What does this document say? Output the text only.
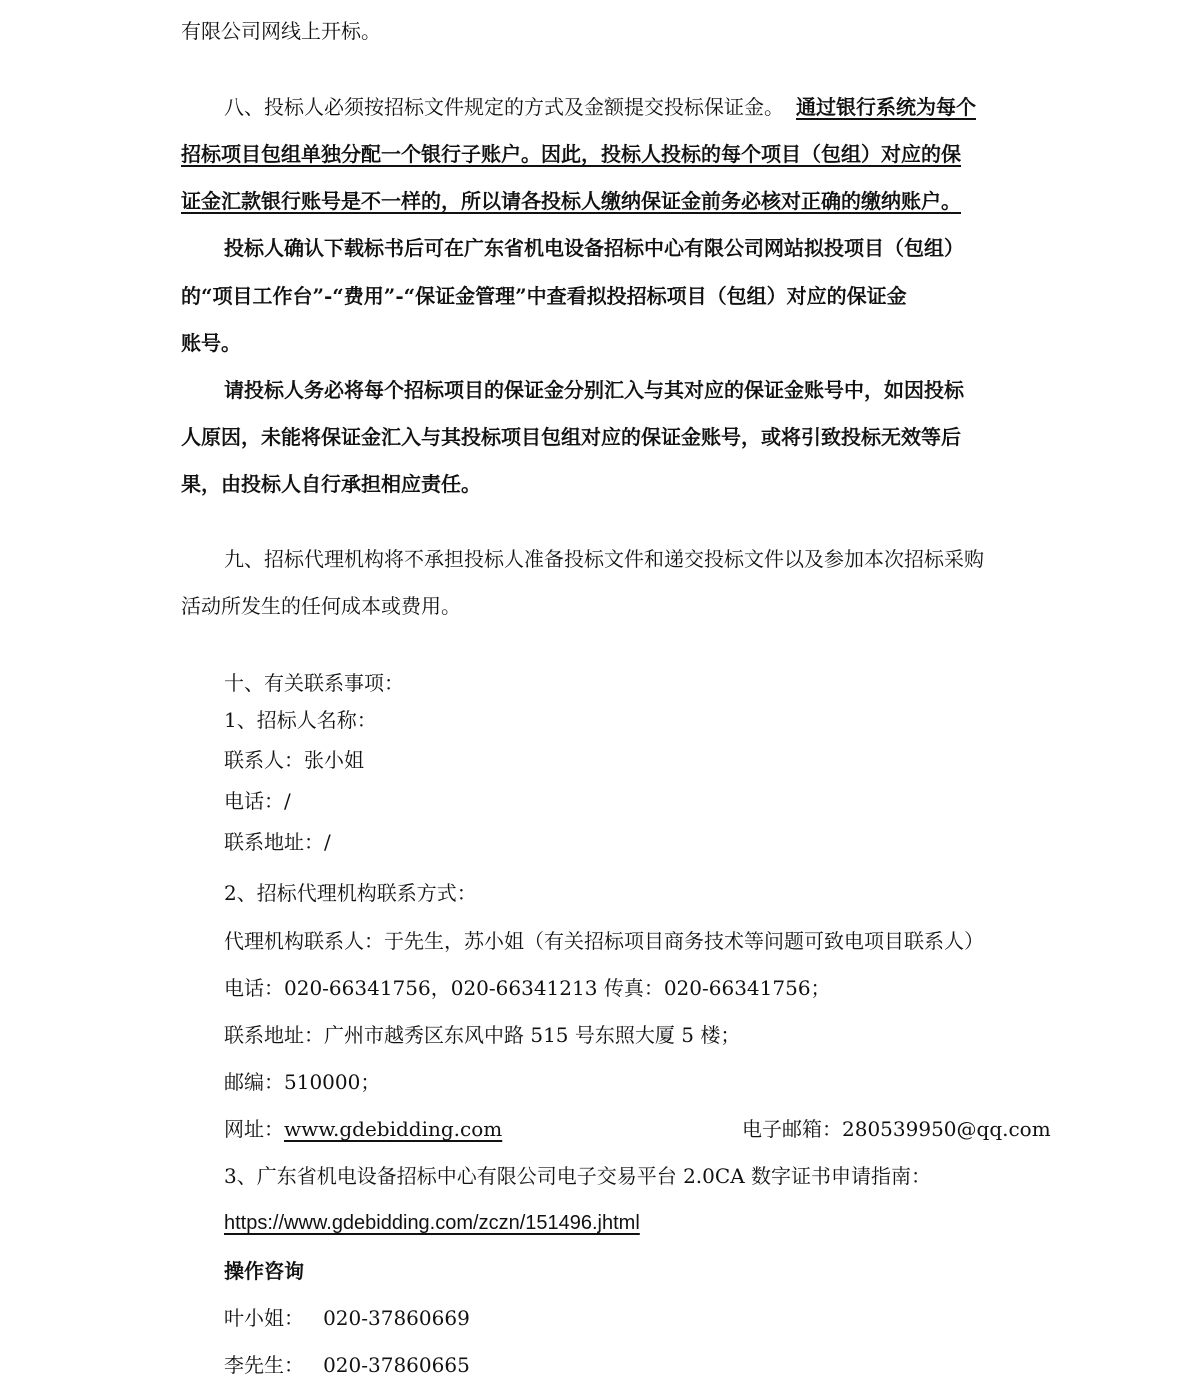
有限公司网线上开标。
八、投标人必须按招标文件规定的方式及金额提交投标保证金。 通过银行系统为每个
招标项目包组单独分配一个银行子账户。因此，投标人投标的每个项目（包组）对应的保
证金汇款银行账号是不一样的，所以请各投标人缴纳保证金前务必核对正确的缴纳账户。
投标人确认下载标书后可在广东省机电设备招标中心有限公司网站拟投项目（包组）
的“项目工作台”-“费用”-“保证金管理”中查看拟投招标项目（包组）对应的保证金
账号。
请投标人务必将每个招标项目的保证金分别汇入与其对应的保证金账号中，如因投标
人原因，未能将保证金汇入与其投标项目包组对应的保证金账号，或将引致投标无效等后
果，由投标人自行承担相应责任。
九、招标代理机构将不承担投标人准备投标文件和递交投标文件以及参加本次招标采购
活动所发生的任何成本或费用。
十、有关联系事项：
1、招标人名称：
联系人：张小姐
电话：/
联系地址：/
2、招标代理机构联系方式：
代理机构联系人：于先生，苏小姐（有关招标项目商务技术等问题可致电项目联系人）
电话：020-66341756，020-66341213 传真：020-66341756；
联系地址：广州市越秀区东风中路 515 号东照大厦 5 楼；
邮编：510000；
网址：www.gdebidding.com	电子邮箱：280539950@qq.com
3、广东省机电设备招标中心有限公司电子交易平台 2.0CA 数字证书申请指南：
https://www.gdebidding.com/zczn/151496.jhtml
操作咨询
叶小姐：   020-37860669
李先生：   020-37860665
